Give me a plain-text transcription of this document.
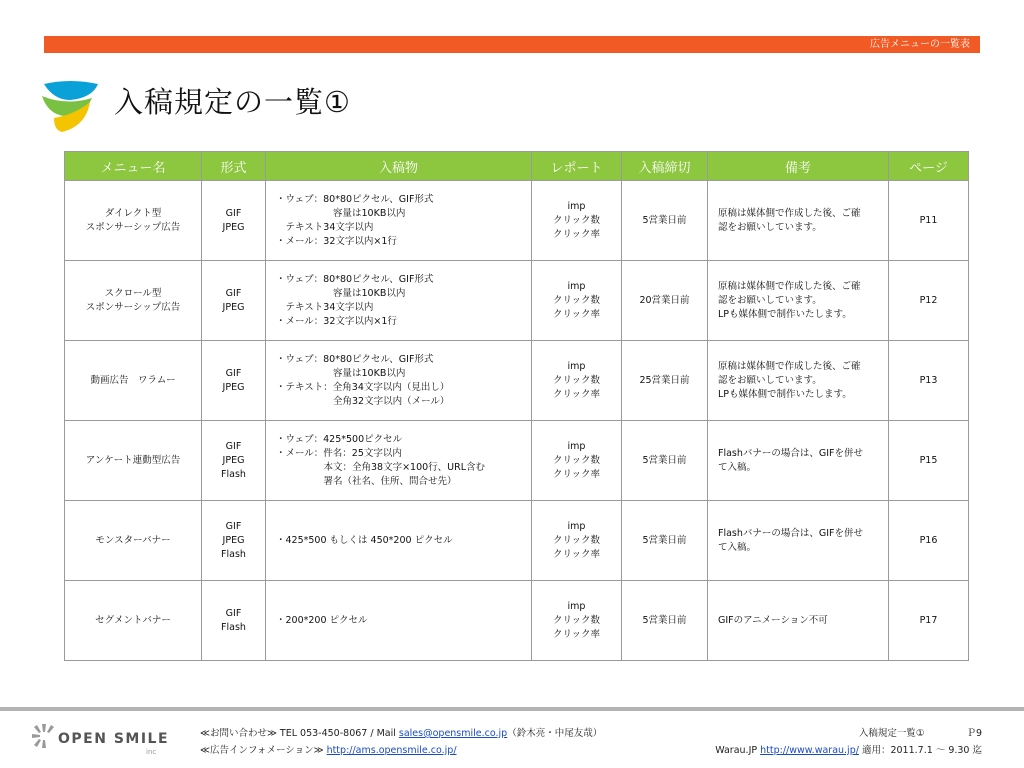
広告メニューの一覧表
入稿規定の一覧①
メニュー名	形式	入稿物	レポート	入稿締切	備考	ページ

ダイレクト型
スポンサーシップ広告	GIF
JPEG	・ウェブ：80*80ピクセル、GIF形式
　　　　　　容量は10KB以内
　テキスト34文字以内
・メール：32文字以内×1行	imp
クリック数
クリック率	5営業日前	原稿は媒体側で作成した後、ご確
認をお願いしています。	P11

スクロール型
スポンサーシップ広告	GIF
JPEG	・ウェブ：80*80ピクセル、GIF形式
　　　　　　容量は10KB以内
　テキスト34文字以内
・メール：32文字以内×1行	imp
クリック数
クリック率	20営業日前	原稿は媒体側で作成した後、ご確
認をお願いしています。
LPも媒体側で制作いたします。	P12

動画広告　ワラムー	GIF
JPEG	・ウェブ：80*80ピクセル、GIF形式
　　　　　　容量は10KB以内
・テキスト：全角34文字以内（見出し）
　　　　　　全角32文字以内（メール）	imp
クリック数
クリック率	25営業日前	原稿は媒体側で作成した後、ご確
認をお願いしています。
LPも媒体側で制作いたします。	P13

アンケート連動型広告	GIF
JPEG
Flash	・ウェブ：425*500ピクセル
・メール：件名：25文字以内
　　　　　本文：全角38文字×100行、URL含む
　　　　　署名（社名、住所、問合せ先）	imp
クリック数
クリック率	5営業日前	Flashバナーの場合は、GIFを併せ
て入稿。	P15

モンスターバナー	GIF
JPEG
Flash	・425*500 もしくは 450*200 ピクセル	imp
クリック数
クリック率	5営業日前	Flashバナーの場合は、GIFを併せ
て入稿。	P16

セグメントバナー	GIF
Flash	・200*200 ピクセル	imp
クリック数
クリック率	5営業日前	GIFのアニメーション不可	P17
OPEN SMILE
inc
≪お問い合わせ≫ TEL 053-450-8067 / Mail sales@opensmile.co.jp（鈴木亮・中尾友哉）
≪広告インフォメーション≫ http://ams.opensmile.co.jp/
入稿規定一覧①	Ｐ9
Warau.JP http://www.warau.jp/ 適用：2011.7.1 ～ 9.30 迄
